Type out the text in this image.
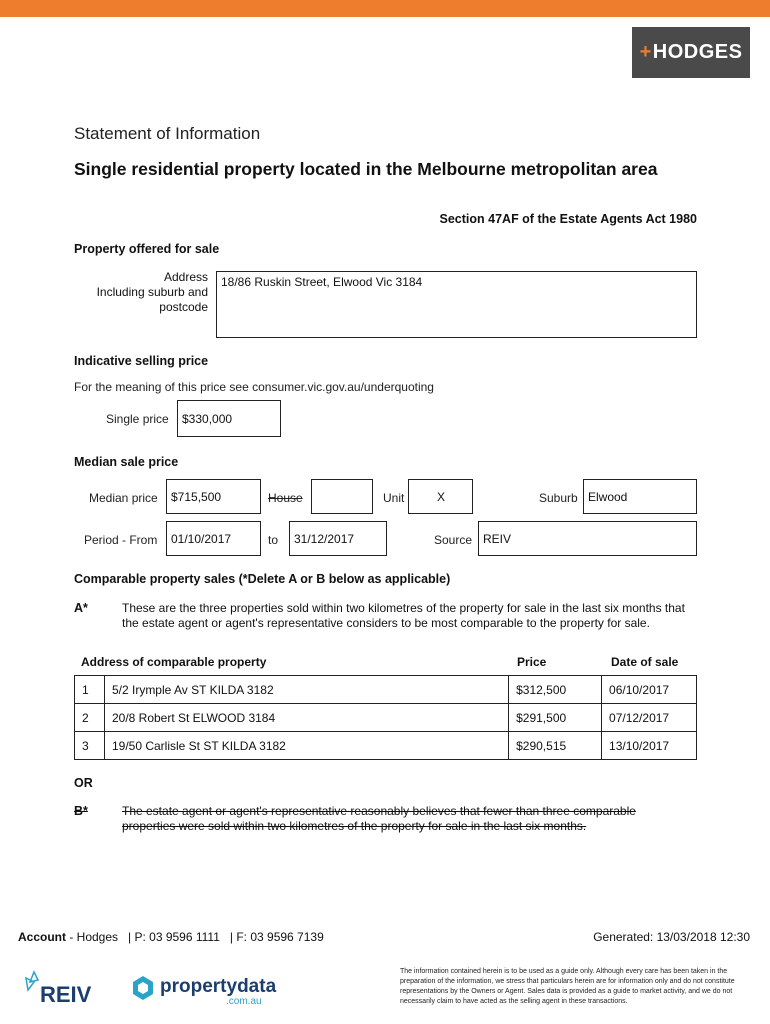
+ HODGES
Statement of Information
Single residential property located in the Melbourne metropolitan area
Section 47AF of the Estate Agents Act 1980
Property offered for sale
Address
Including suburb and
postcode
18/86 Ruskin Street, Elwood Vic 3184
Indicative selling price
For the meaning of this price see consumer.vic.gov.au/underquoting
Single price	$330,000
Median sale price
Median price	$715,500	House	Unit	X	Suburb Elwood
Period - From	01/10/2017	to	31/12/2017	Source REIV
Comparable property sales (*Delete A or B below as applicable)
A*	These are the three properties sold within two kilometres of the property for sale in the last six months that the estate agent or agent's representative considers to be most comparable to the property for sale.
Address of comparable property	Price	Date of sale
1	5/2 Irymple Av ST KILDA 3182	$312,500	06/10/2017
2	20/8 Robert St ELWOOD 3184	$291,500	07/12/2017
3	19/50 Carlisle St ST KILDA 3182	$290,515	13/10/2017
OR
B*	The estate agent or agent's representative reasonably believes that fewer than three comparable properties were sold within two kilometres of the property for sale in the last six months.
Account - Hodges   | P: 03 9596 1111   | F: 03 9596 7139	Generated: 13/03/2018 12:30
REIV	propertydata
.com.au
The information contained herein is to be used as a guide only. Although every care has been taken in the preparation of the information, we stress that particulars herein are for information only and do not constitute representations by the Owners or Agent. Sales data is provided as a guide to market activity, and we do not necessarily claim to have acted as the selling agent in these transactions.
